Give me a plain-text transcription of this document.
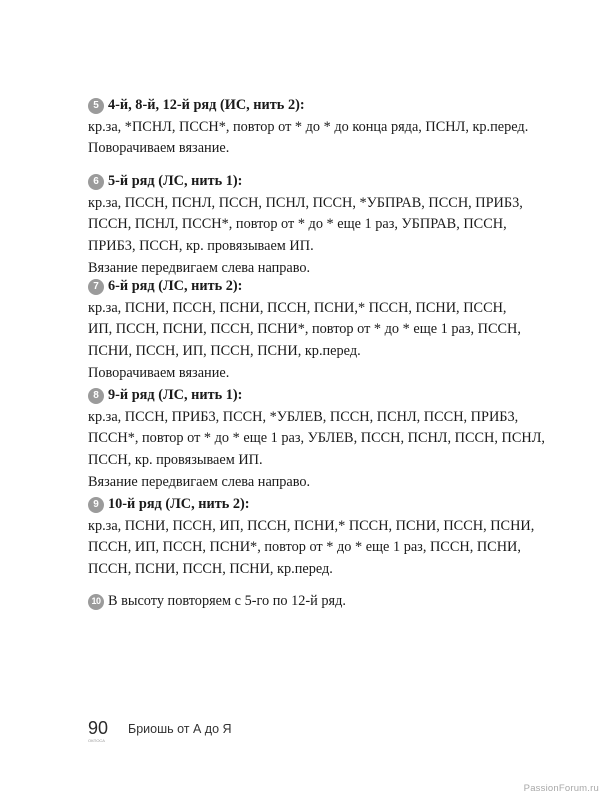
5 4-й, 8-й, 12-й ряд (ИС, нить 2):
кр.за, *ПСНЛ, ПССН*, повтор от * до * до конца ряда, ПСНЛ, кр.перед.
Поворачиваем вязание.
6 5-й ряд (ЛС, нить 1):
кр.за, ПССН, ПСНЛ, ПССН, ПСНЛ, ПССН, *УБПРАВ, ПССН, ПРИБ3,
ПССН, ПСНЛ, ПССН*, повтор от * до * еще 1 раз, УБПРАВ, ПССН,
ПРИБ3, ПССН, кр. провязываем ИП.
Вязание передвигаем слева направо.
7 6-й ряд (ЛС, нить 2):
кр.за, ПСНИ, ПССН, ПСНИ, ПССН, ПСНИ,* ПССН, ПСНИ, ПССН,
ИП, ПССН, ПСНИ, ПССН, ПСНИ*, повтор от * до * еще 1 раз, ПССН,
ПСНИ, ПССН, ИП, ПССН, ПСНИ, кр.перед.
Поворачиваем вязание.
8 9-й ряд (ЛС, нить 1):
кр.за, ПССН, ПРИБ3, ПССН, *УБЛЕВ, ПССН, ПСНЛ, ПССН, ПРИБ3,
ПССН*, повтор от * до * еще 1 раз, УБЛЕВ, ПССН, ПСНЛ, ПССН, ПСНЛ,
ПССН, кр. провязываем ИП.
Вязание передвигаем слева направо.
9 10-й ряд (ЛС, нить 2):
кр.за, ПСНИ, ПССН, ИП, ПССН, ПСНИ,* ПССН, ПСНИ, ПССН, ПСНИ,
ПССН, ИП, ПССН, ПСНИ*, повтор от * до * еще 1 раз, ПССН, ПСНИ,
ПССН, ПСНИ, ПССН, ПСНИ, кр.перед.
10 В высоту повторяем с 5-го по 12-й ряд.
90
ОКПОСА
Бриошь от А до Я
PassionForum.ru
